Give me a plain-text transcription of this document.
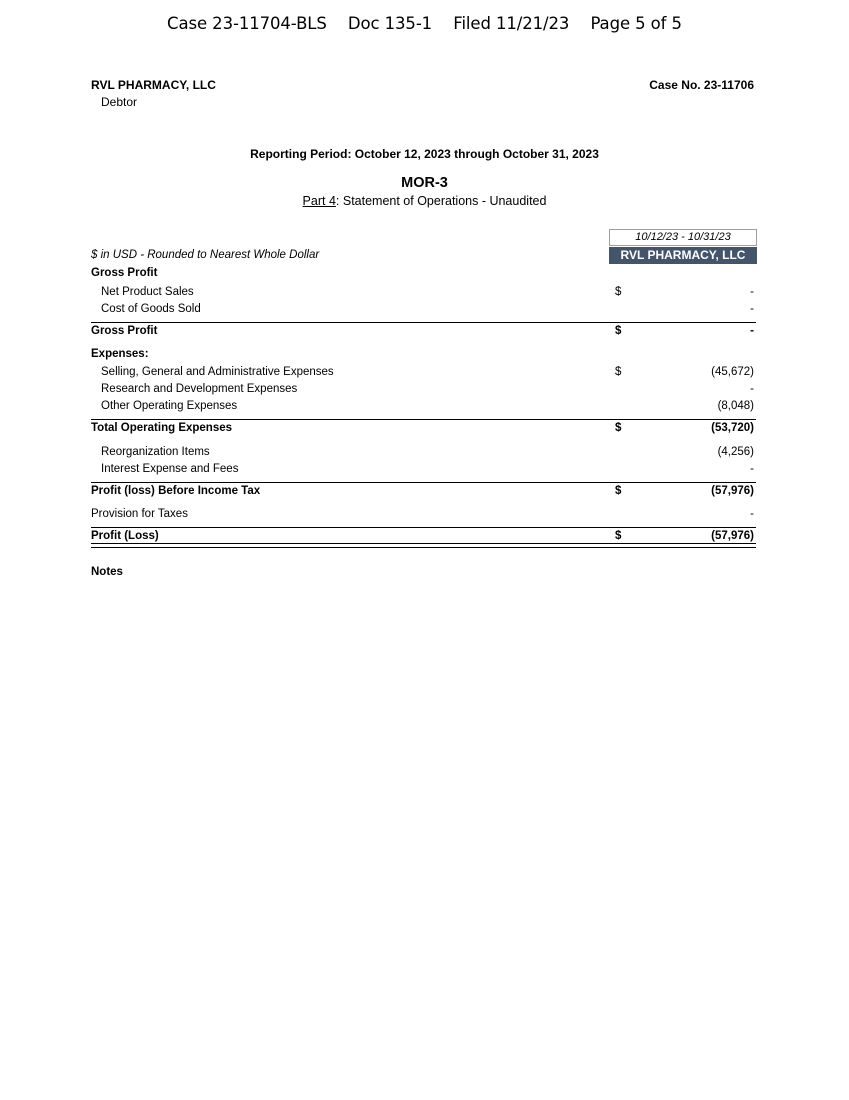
Case 23-11704-BLS Doc 135-1 Filed 11/21/23 Page 5 of 5
RVL PHARMACY, LLC
Debtor
Case No. 23-11706
Reporting Period: October 12, 2023 through October 31, 2023
MOR-3
Part 4: Statement of Operations - Unaudited
10/12/23 - 10/31/23
$ in USD - Rounded to Nearest Whole Dollar	RVL PHARMACY, LLC
Gross Profit
Net Product Sales	$	-
Cost of Goods Sold	-
Gross Profit	$	-
Expenses:
Selling, General and Administrative Expenses	$	(45,672)
Research and Development Expenses	-
Other Operating Expenses	(8,048)
Total Operating Expenses	$	(53,720)
Reorganization Items	(4,256)
Interest Expense and Fees	-
Profit (loss) Before Income Tax	$	(57,976)
Provision for Taxes	-
Profit (Loss)	$	(57,976)
Notes
